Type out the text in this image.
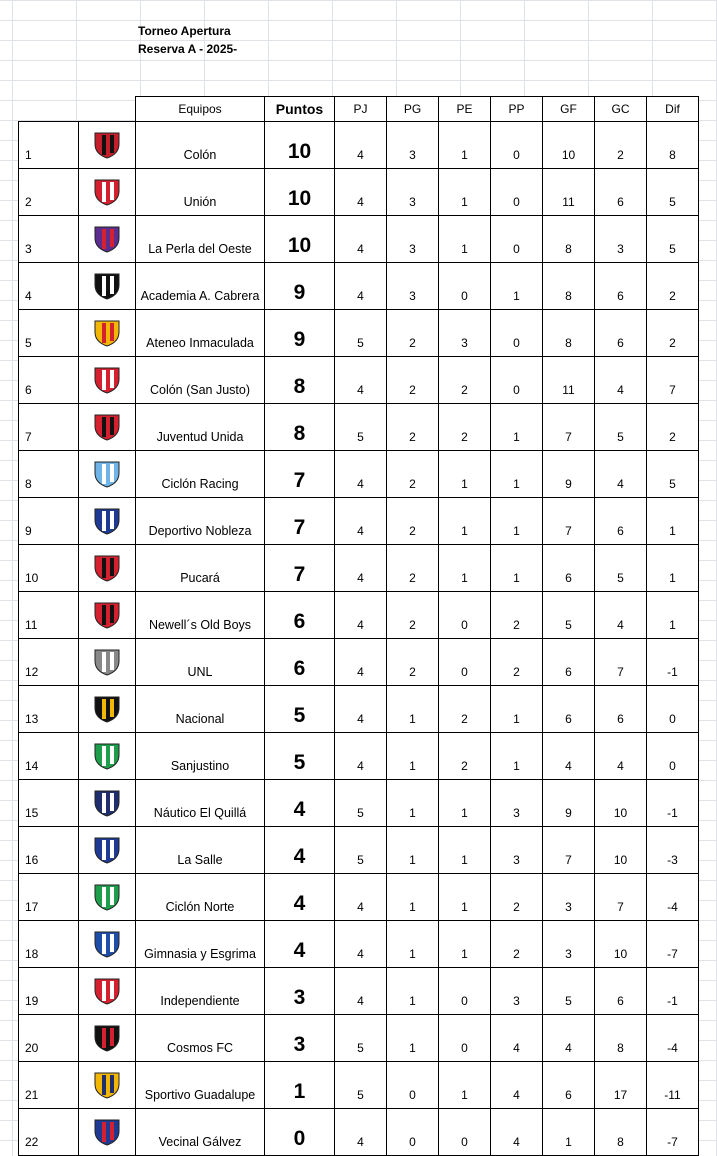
Torneo Apertura
Reserva A - 2025-
		Equipos	Puntos	PJ	PG	PE	PP	GF	GC	Dif
1		Colón	10	4	3	1	0	10	2	8
2		Unión	10	4	3	1	0	11	6	5
3		La Perla del Oeste	10	4	3	1	0	8	3	5
4		Academia A. Cabrera	9	4	3	0	1	8	6	2
5		Ateneo Inmaculada	9	5	2	3	0	8	6	2
6		Colón (San Justo)	8	4	2	2	0	11	4	7
7		Juventud Unida	8	5	2	2	1	7	5	2
8		Ciclón Racing	7	4	2	1	1	9	4	5
9		Deportivo Nobleza	7	4	2	1	1	7	6	1
10		Pucará	7	4	2	1	1	6	5	1
11		Newell´s Old Boys	6	4	2	0	2	5	4	1
12		UNL	6	4	2	0	2	6	7	-1
13		Nacional	5	4	1	2	1	6	6	0
14		Sanjustino	5	4	1	2	1	4	4	0
15		Náutico El Quillá	4	5	1	1	3	9	10	-1
16		La Salle	4	5	1	1	3	7	10	-3
17		Ciclón Norte	4	4	1	1	2	3	7	-4
18		Gimnasia y Esgrima	4	4	1	1	2	3	10	-7
19		Independiente	3	4	1	0	3	5	6	-1
20		Cosmos FC	3	5	1	0	4	4	8	-4
21		Sportivo Guadalupe	1	5	0	1	4	6	17	-11
22		Vecinal Gálvez	0	4	0	0	4	1	8	-7
